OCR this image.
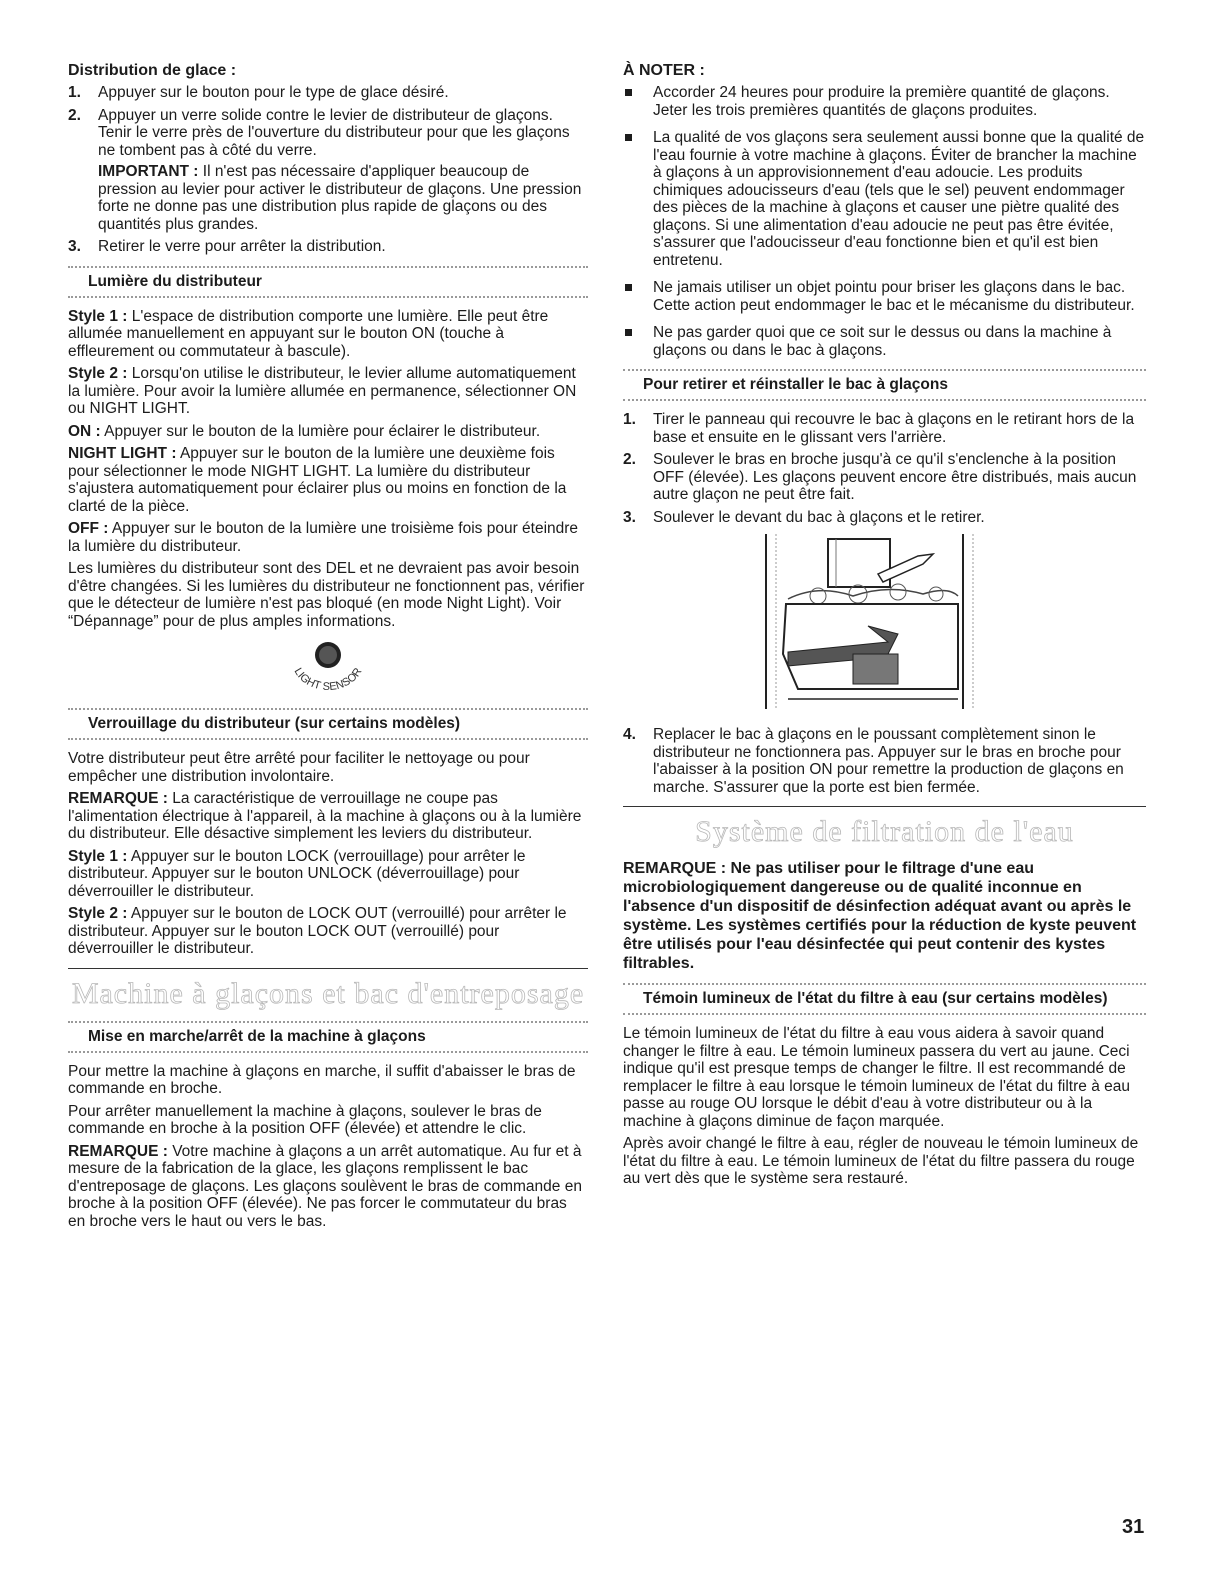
Distribution de glace :
1. Appuyer sur le bouton pour le type de glace désiré.
2. Appuyer un verre solide contre le levier de distributeur de glaçons. Tenir le verre près de l'ouverture du distributeur pour que les glaçons ne tombent pas à côté du verre.

IMPORTANT : Il n'est pas nécessaire d'appliquer beaucoup de pression au levier pour activer le distributeur de glaçons. Une pression forte ne donne pas une distribution plus rapide de glaçons ou des quantités plus grandes.

3. Retirer le verre pour arrêter la distribution.
Lumière du distributeur

Style 1 : L'espace de distribution comporte une lumière. Elle peut être allumée manuellement en appuyant sur le bouton ON (touche à effleurement ou commutateur à bascule).

Style 2 : Lorsqu'on utilise le distributeur, le levier allume automatiquement la lumière. Pour avoir la lumière allumée en permanence, sélectionner ON ou NIGHT LIGHT.

ON : Appuyer sur le bouton de la lumière pour éclairer le distributeur.

NIGHT LIGHT : Appuyer sur le bouton de la lumière une deuxième fois pour sélectionner le mode NIGHT LIGHT. La lumière du distributeur s'ajustera automatiquement pour éclairer plus ou moins en fonction de la clarté de la pièce.

OFF : Appuyer sur le bouton de la lumière une troisième fois pour éteindre la lumière du distributeur.

Les lumières du distributeur sont des DEL et ne devraient pas avoir besoin d'être changées. Si les lumières du distributeur ne fonctionnent pas, vérifier que le détecteur de lumière n'est pas bloqué (en mode Night Light). Voir “Dépannage” pour de plus amples informations.

LIGHT SENSOR
Verrouillage du distributeur (sur certains modèles)

Votre distributeur peut être arrêté pour faciliter le nettoyage ou pour empêcher une distribution involontaire.

REMARQUE : La caractéristique de verrouillage ne coupe pas l'alimentation électrique à l'appareil, à la machine à glaçons ou à la lumière du distributeur. Elle désactive simplement les leviers du distributeur.

Style 1 : Appuyer sur le bouton LOCK (verrouillage) pour arrêter le distributeur. Appuyer sur le bouton UNLOCK (déverrouillage) pour déverrouiller le distributeur.

Style 2 : Appuyer sur le bouton de LOCK OUT (verrouillé) pour arrêter le distributeur. Appuyer sur le bouton LOCK OUT (verrouillé) pour déverrouiller le distributeur.

Machine à glaçons et bac d'entreposage
Mise en marche/arrêt de la machine à glaçons

Pour mettre la machine à glaçons en marche, il suffit d'abaisser le bras de commande en broche.

Pour arrêter manuellement la machine à glaçons, soulever le bras de commande en broche à la position OFF (élevée) et attendre le clic.

REMARQUE : Votre machine à glaçons a un arrêt automatique. Au fur et à mesure de la fabrication de la glace, les glaçons remplissent le bac d'entreposage de glaçons. Les glaçons soulèvent le bras de commande en broche à la position OFF (élevée). Ne pas forcer le commutateur du bras en broche vers le haut ou vers le bas.

À NOTER :
Accorder 24 heures pour produire la première quantité de glaçons. Jeter les trois premières quantités de glaçons produites.
La qualité de vos glaçons sera seulement aussi bonne que la qualité de l'eau fournie à votre machine à glaçons. Éviter de brancher la machine à glaçons à un approvisionnement d'eau adoucie. Les produits chimiques adoucisseurs d'eau (tels que le sel) peuvent endommager des pièces de la machine à glaçons et causer une piètre qualité des glaçons. Si une alimentation d'eau adoucie ne peut pas être évitée, s'assurer que l'adoucisseur d'eau fonctionne bien et qu'il est bien entretenu.
Ne jamais utiliser un objet pointu pour briser les glaçons dans le bac. Cette action peut endommager le bac et le mécanisme du distributeur.
Ne pas garder quoi que ce soit sur le dessus ou dans la machine à glaçons ou dans le bac à glaçons.
Pour retirer et réinstaller le bac à glaçons
1. Tirer le panneau qui recouvre le bac à glaçons en le retirant hors de la base et ensuite en le glissant vers l'arrière.
2. Soulever le bras en broche jusqu'à ce qu'il s'enclenche à la position OFF (élevée). Les glaçons peuvent encore être distribués, mais aucun autre glaçon ne peut être fait.
3. Soulever le devant du bac à glaçons et le retirer.
4. Replacer le bac à glaçons en le poussant complètement sinon le distributeur ne fonctionnera pas. Appuyer sur le bras en broche pour l'abaisser à la position ON pour remettre la production de glaçons en marche. S'assurer que la porte est bien fermée.
Système de filtration de l'eau

REMARQUE : Ne pas utiliser pour le filtrage d'une eau microbiologiquement dangereuse ou de qualité inconnue en l'absence d'un dispositif de désinfection adéquat avant ou après le système. Les systèmes certifiés pour la réduction de kyste peuvent être utilisés pour l'eau désinfectée qui peut contenir des kystes filtrables.

Témoin lumineux de l'état du filtre à eau (sur certains modèles)

Le témoin lumineux de l'état du filtre à eau vous aidera à savoir quand changer le filtre à eau. Le témoin lumineux passera du vert au jaune. Ceci indique qu'il est presque temps de changer le filtre. Il est recommandé de remplacer le filtre à eau lorsque le témoin lumineux de l'état du filtre à eau passe au rouge OU lorsque le débit d'eau à votre distributeur ou à la machine à glaçons diminue de façon marquée.

Après avoir changé le filtre à eau, régler de nouveau le témoin lumineux de l'état du filtre à eau. Le témoin lumineux de l'état du filtre passera du rouge au vert dès que le système sera restauré.

31
